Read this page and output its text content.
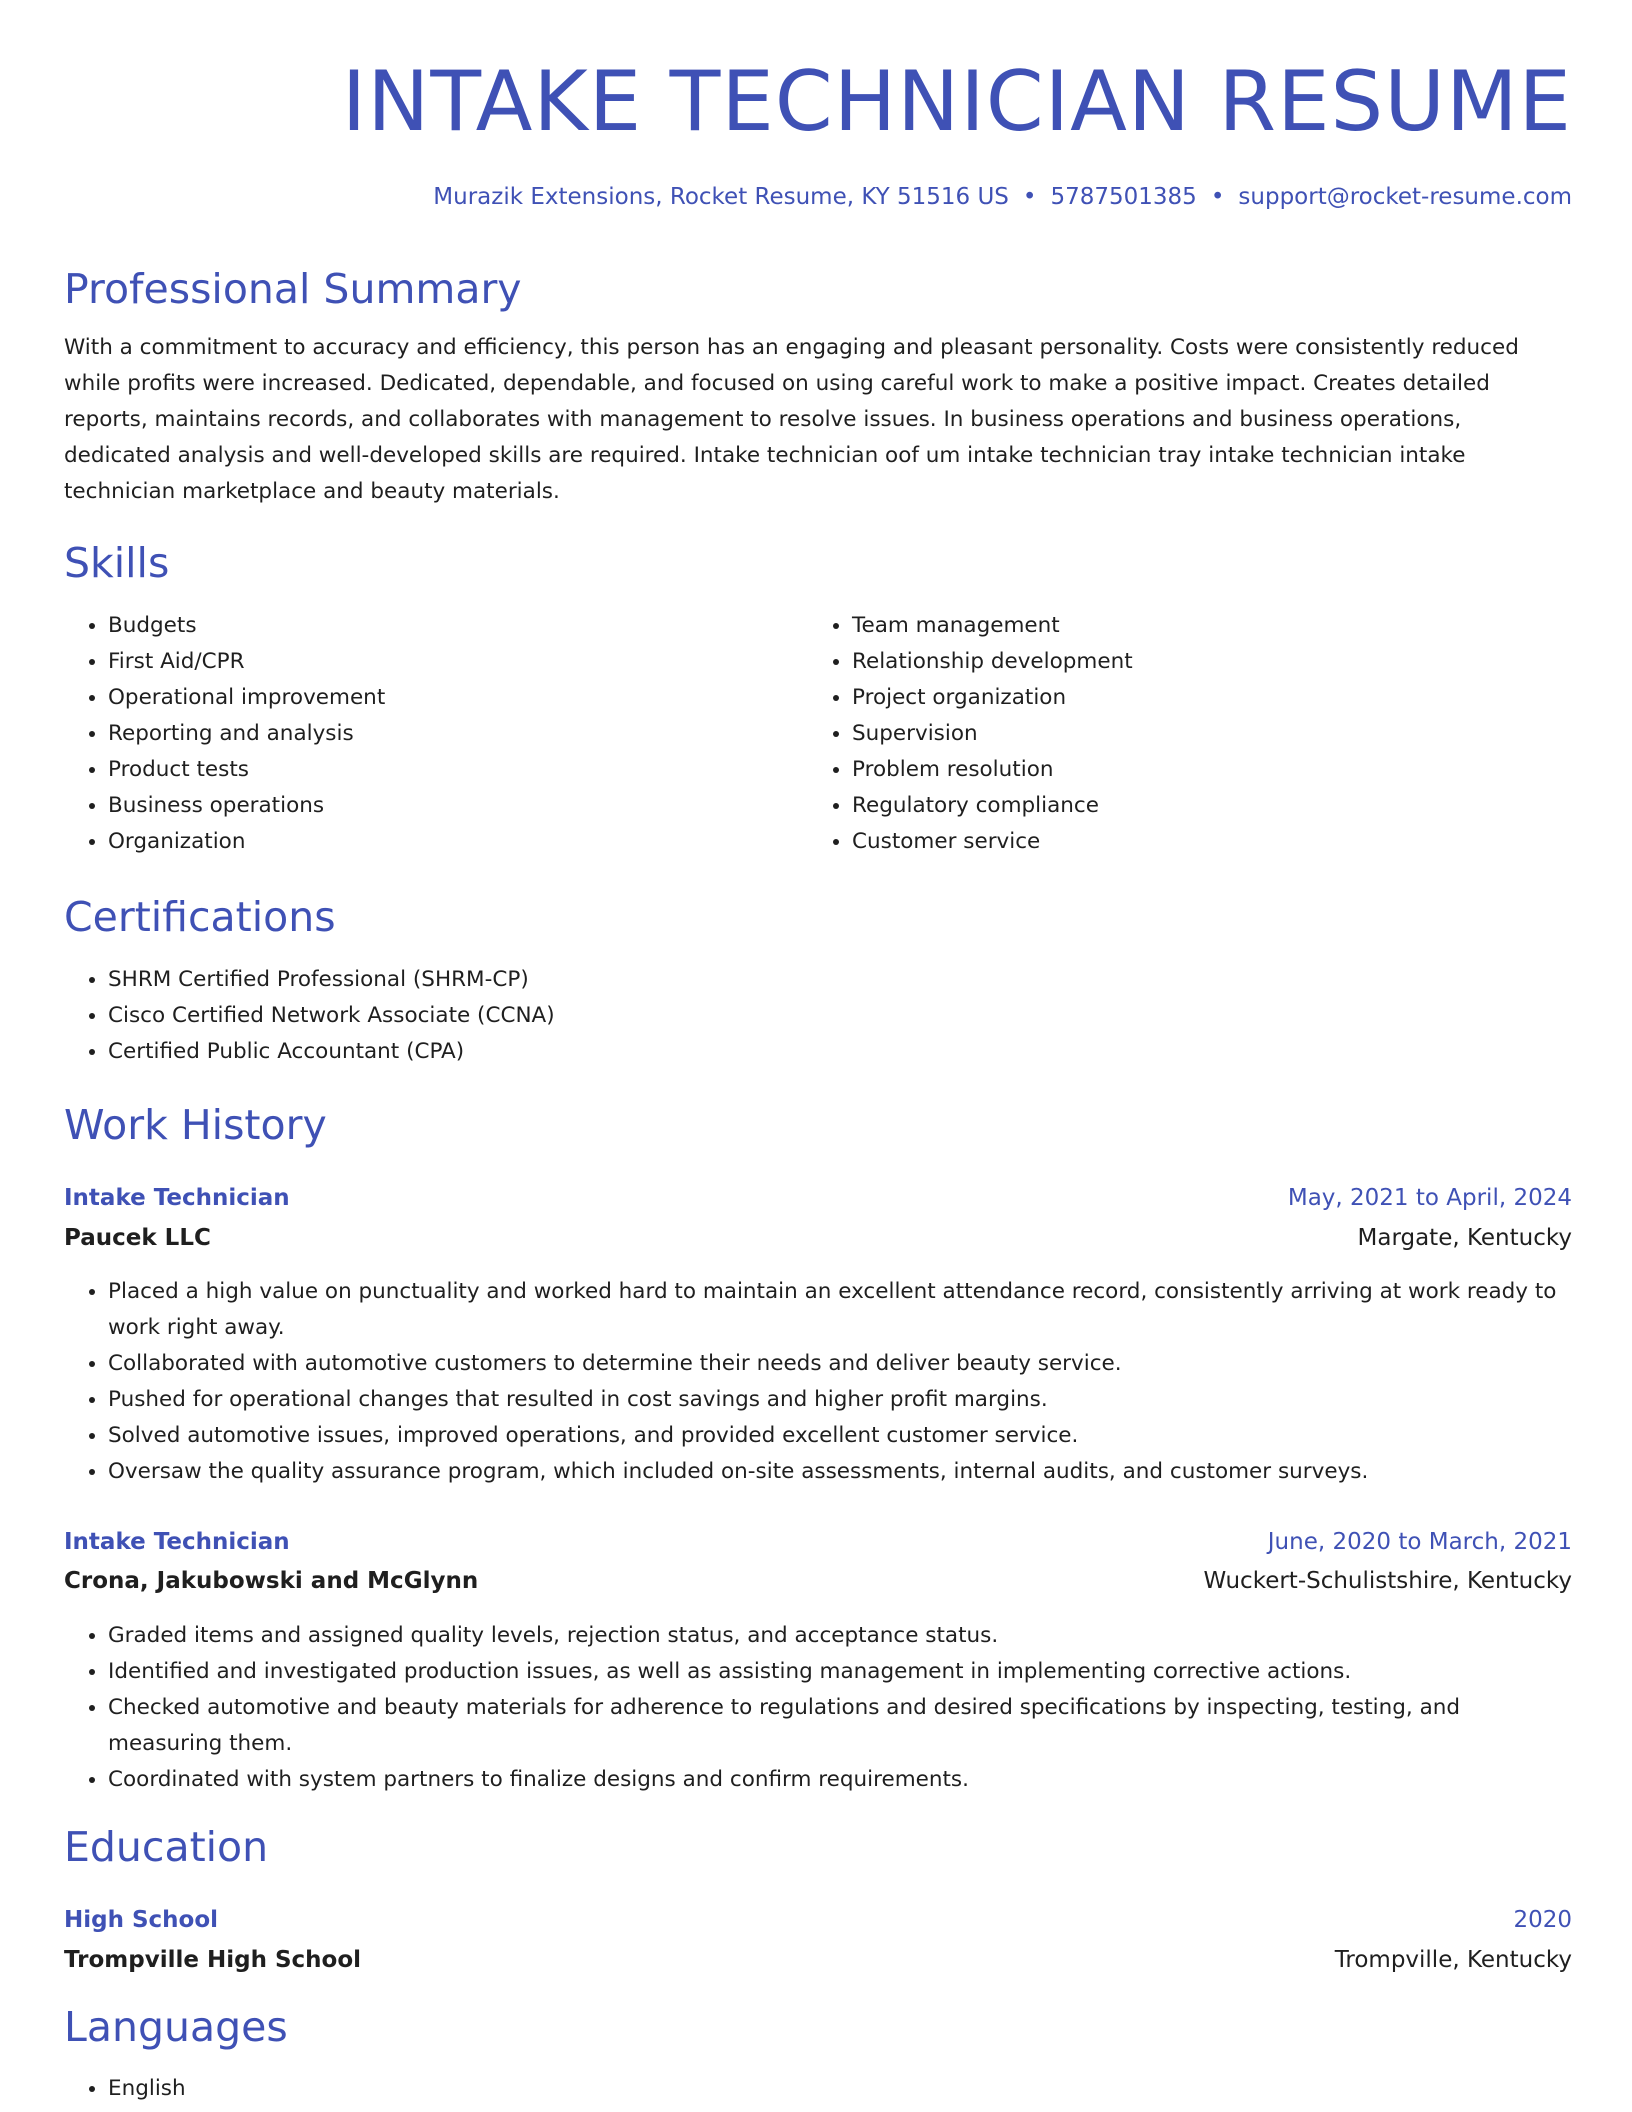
INTAKE TECHNICIAN RESUME
Murazik Extensions, Rocket Resume, KY 51516 US • 5787501385 • support@rocket-resume.com
Professional Summary

With a commitment to accuracy and efficiency, this person has an engaging and pleasant personality. Costs were consistently reduced while profits were increased. Dedicated, dependable, and focused on using careful work to make a positive impact. Creates detailed reports, maintains records, and collaborates with management to resolve issues. In business operations and business operations, dedicated analysis and well-developed skills are required. Intake technician oof um intake technician tray intake technician intake technician marketplace and beauty materials.

Skills
• Budgets
• First Aid/CPR
• Operational improvement
• Reporting and analysis
• Product tests
• Business operations
• Organization
• Team management
• Relationship development
• Project organization
• Supervision
• Problem resolution
• Regulatory compliance
• Customer service
Certifications
• SHRM Certified Professional (SHRM-CP)
• Cisco Certified Network Associate (CCNA)
• Certified Public Accountant (CPA)
Work History
Intake Technician	May, 2021 to April, 2024
Paucek LLC	Margate, Kentucky
• Placed a high value on punctuality and worked hard to maintain an excellent attendance record, consistently arriving at work ready to work right away.
• Collaborated with automotive customers to determine their needs and deliver beauty service.
• Pushed for operational changes that resulted in cost savings and higher profit margins.
• Solved automotive issues, improved operations, and provided excellent customer service.
• Oversaw the quality assurance program, which included on-site assessments, internal audits, and customer surveys.
Intake Technician	June, 2020 to March, 2021
Crona, Jakubowski and McGlynn	Wuckert-Schulistshire, Kentucky
• Graded items and assigned quality levels, rejection status, and acceptance status.
• Identified and investigated production issues, as well as assisting management in implementing corrective actions.
• Checked automotive and beauty materials for adherence to regulations and desired specifications by inspecting, testing, and measuring them.
• Coordinated with system partners to finalize designs and confirm requirements.
Education
High School	2020
Trompville High School	Trompville, Kentucky
Languages
• English
